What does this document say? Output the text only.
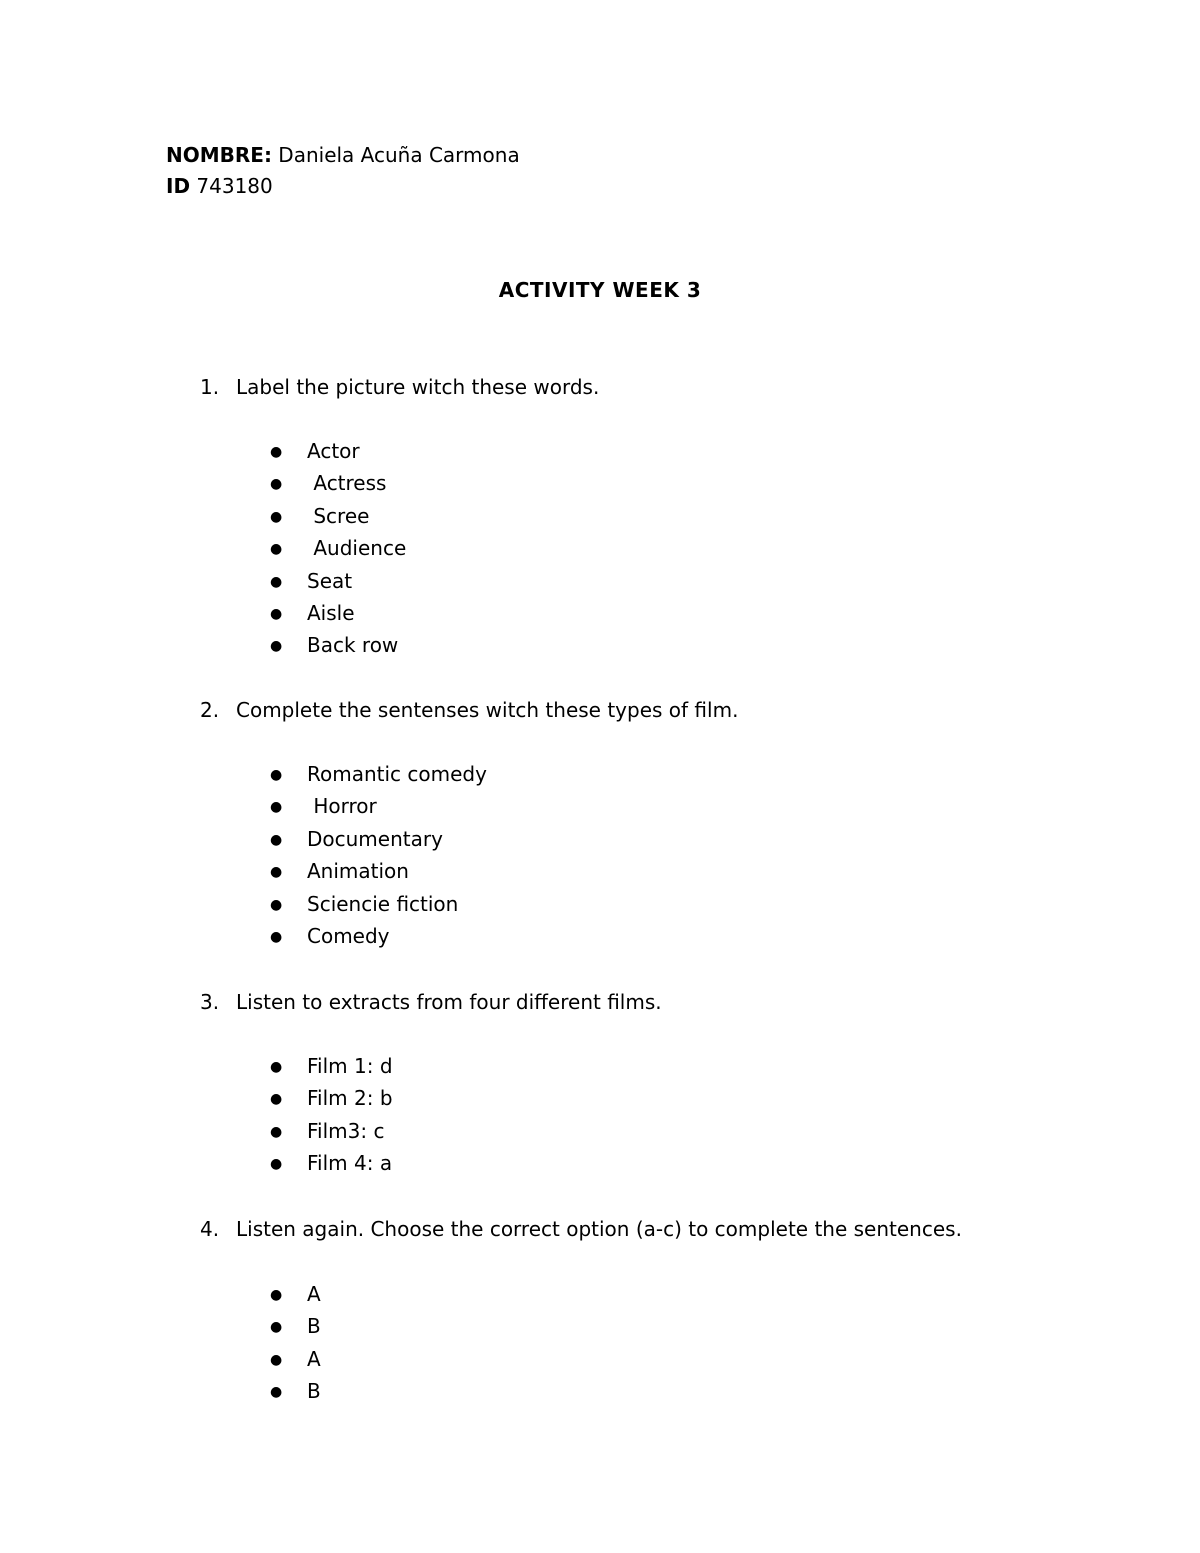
NOMBRE: Daniela Acuña Carmona
ID 743180
ACTIVITY WEEK 3
1. Label the picture witch these words.
● Actor
● Actress
● Scree
● Audience
● Seat
● Aisle
● Back row
2. Complete the sentenses witch these types of film.
● Romantic comedy
● Horror
● Documentary
● Animation
● Sciencie fiction
● Comedy
3. Listen to extracts from four different films.
● Film 1: d
● Film 2: b
● Film3: c
● Film 4: a
4. Listen again. Choose the correct option (a-c) to complete the sentences.
● A
● B
● A
● B
